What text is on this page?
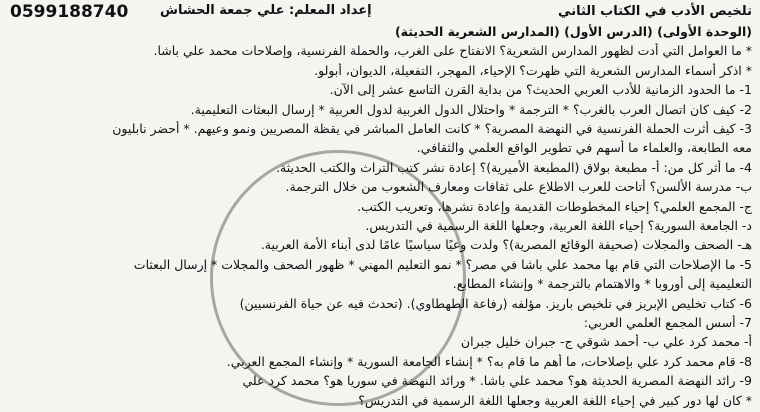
0599188740 إعداد المعلم: علي جمعة الحشاش	تلخيص الأدب في الكتاب الثاني
(الوحدة الأولى) (الدرس الأول) (المدارس الشعرية الحديثة)
* ما العوامل التي أدت لظهور المدارس الشعرية؟ الانفتاح على الغرب، والحملة الفرنسية، وإصلاحات محمد علي باشا.
* اذكر أسماء المدارس الشعرية التي ظهرت؟ الإحياء، المهجر، التفعيلة، الديوان، أبولو.
1- ما الحدود الزمانية للأدب العربي الحديث؟ من بداية القرن التاسع عشر إلى الآن.
2- كيف كان اتصال العرب بالغرب؟ * الترجمة * واحتلال الدول الغربية لدول العربية * إرسال البعثات التعليمية.
3- كيف أثرت الحملة الفرنسية في النهضة المصرية؟ * كانت العامل المباشر في يقظة المصريين ونمو وعيهم. * أحضر نابليون
معه الطابعة، والعلماء ما أسهم في تطوير الواقع العلمي والثقافي.
4- ما أثر كل من: أ- مطبعة بولاق (المطبعة الأميرية)؟ إعادة نشر كتب التراث والكتب الحديثة.
ب- مدرسة الألسن؟ أتاحت للعرب الاطلاع على ثقافات ومعارف الشعوب من خلال الترجمة.
ج- المجمع العلمي؟ إحياء المخطوطات القديمة وإعادة نشرها، وتعريب الكتب.
د- الجامعة السورية؟ إحياء اللغة العربية، وجعلها اللغة الرسمية في التدريس.
هـ- الصحف والمجلات (صحيفة الوقائع المصرية)؟ ولدت وعيًا سياسيًا عامًا لدى أبناء الأمة العربية.
5- ما الإصلاحات التي قام بها محمد علي باشا في مصر؟ * نمو التعليم المهني * ظهور الصحف والمجلات * إرسال البعثات
التعليمية إلى أوروبا * والاهتمام بالترجمة * وإنشاء المطابع.
6- كتاب تخليص الإبريز في تلخيص باريز. مؤلفه (رفاعة الطهطاوي). (تحدث فيه عن حياة الفرنسيين)
7- أسس المجمع العلمي العربي:
أ- محمد كرد علي ب- أحمد شوقي ج- جبران خليل جبران
8- قام محمد كرد علي بإصلاحات، ما أهم ما قام به؟ * إنشاء الجامعة السورية * وإنشاء المجمع العربي.
9- رائد النهضة المصرية الحديثة هو؟ محمد علي باشا. * ورائد النهضة في سوريا هو؟ محمد كرد علي
* كان لها دور كبير في إحياء اللغة العربية وجعلها اللغة الرسمية في التدريس؟
